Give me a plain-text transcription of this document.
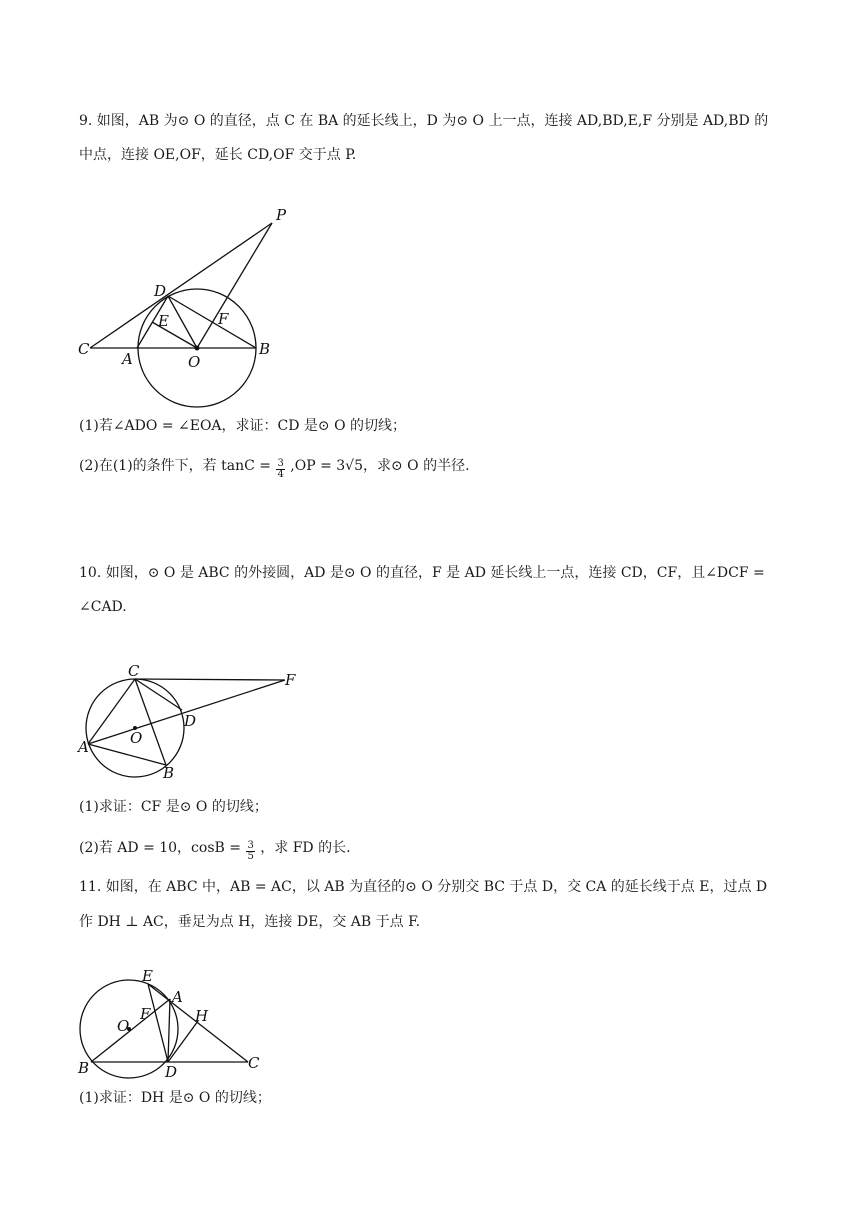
9. 如图，AB 为⊙ O 的直径，点 C 在 BA 的延长线上，D 为⊙ O 上一点，连接 AD,BD,E,F 分别是 AD,BD 的
中点，连接 OE,OF，延长 CD,OF 交于点 P.
P
D
E	F
C
A	O
B
(1)若∠ADO = ∠EOA，求证：CD 是⊙ O 的切线；
(2)在(1)的条件下，若 $\tan C = \frac{3}{4} ,OP = 3√5$，求⊙ O 的半径.
10. 如图，⊙ O 是 ABC 的外接圆，AD 是⊙ O 的直径，F 是 AD 延长线上一点，连接 CD，CF，且∠DCF =
∠CAD.
C	F
D
O
A
B
(1)求证：CF 是⊙ O 的切线；
(2)若 AD = 10，$\cos B = \frac{3}{5}$ ，求 FD 的长.
11. 如图，在 ABC 中，AB = AC，以 AB 为直径的⊙ O 分别交 BC 于点 D，交 CA 的延长线于点 E，过点 D
作 DH ⊥ AC，垂足为点 H，连接 DE，交 AB 于点 F.
E
A
F
O
H
B	D	C
(1)求证：DH 是⊙ O 的切线；
